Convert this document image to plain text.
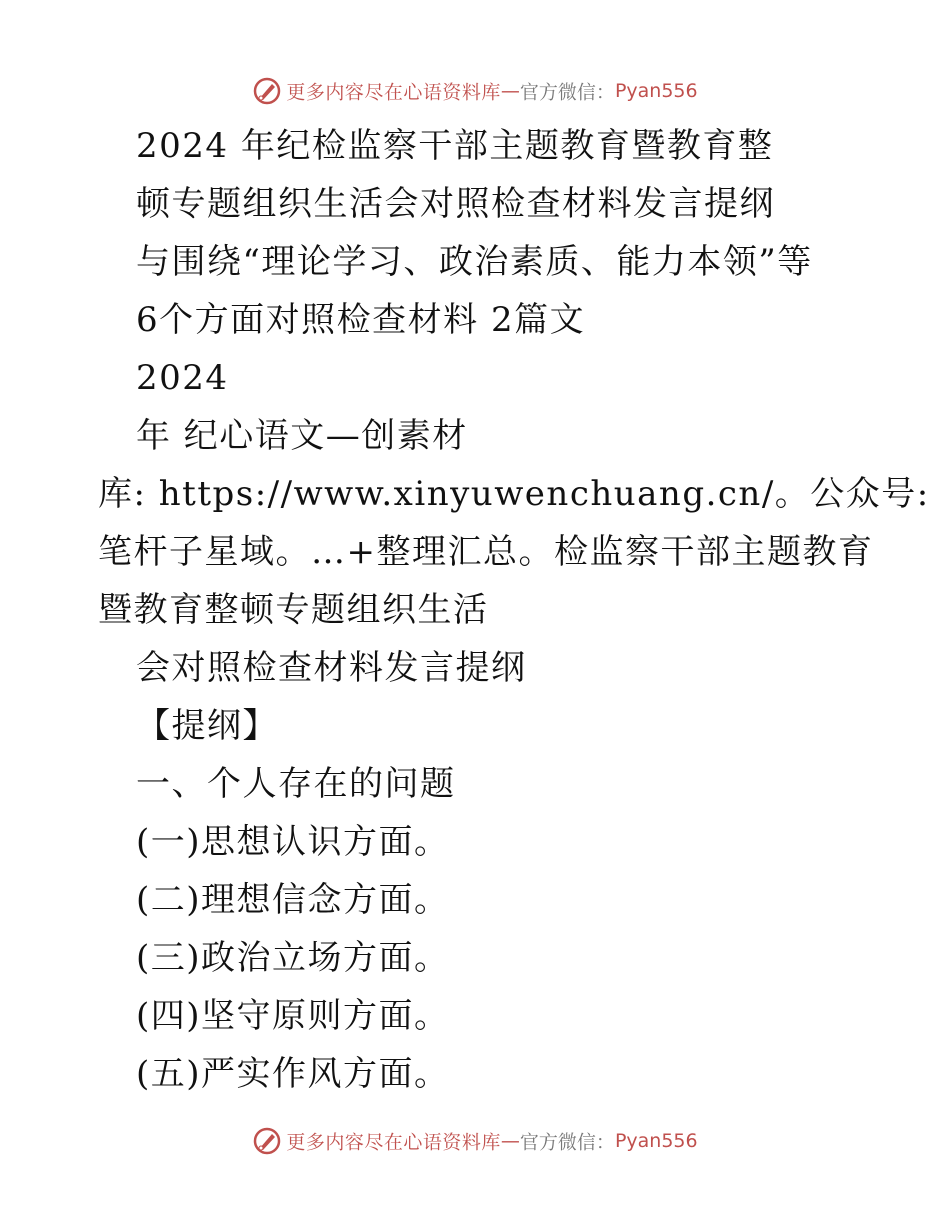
更多内容尽在心语资料库—官方微信：Pyan556
2024 年纪检监察干部主题教育暨教育整
顿专题组织生活会对照检查材料发言提纲
与围绕“理论学习、政治素质、能力本领”等
6个方面对照检查材料 2篇文
2024
年 纪心语文—创素材
库: https://www.xinyuwenchuang.cn/。公众号:
笔杆子星域。…+整理汇总。检监察干部主题教育
暨教育整顿专题组织生活
会对照检查材料发言提纲
【提纲】
一、个人存在的问题
(一)思想认识方面。
(二)理想信念方面。
(三)政治立场方面。
(四)坚守原则方面。
(五)严实作风方面。
更多内容尽在心语资料库—官方微信：Pyan556
